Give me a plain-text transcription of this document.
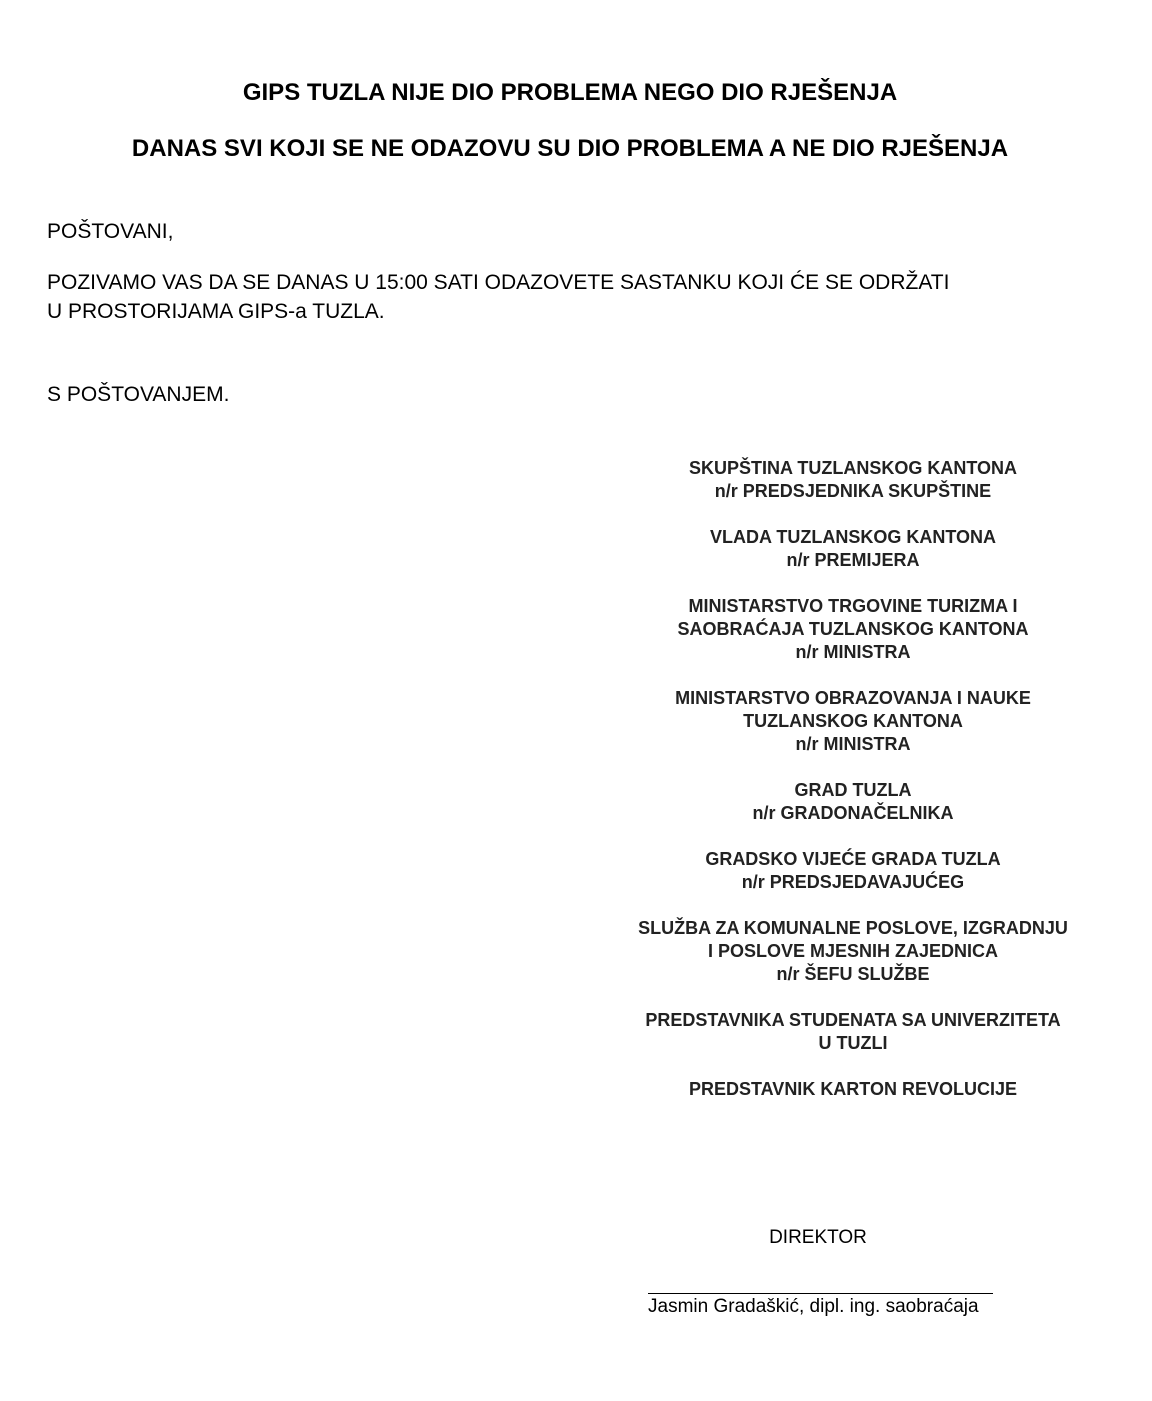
GIPS TUZLA NIJE DIO PROBLEMA NEGO DIO RJEŠENJA
DANAS SVI KOJI SE NE ODAZOVU SU DIO PROBLEMA A NE DIO RJEŠENJA

POŠTOVANI,

POZIVAMO VAS DA SE DANAS U 15:00 SATI ODAZOVETE SASTANKU KOJI ĆE SE ODRŽATI
U PROSTORIJAMA GIPS-a TUZLA.

S POŠTOVANJEM.

SKUPŠTINA TUZLANSKOG KANTONA
n/r PREDSJEDNIKA SKUPŠTINE
VLADA TUZLANSKOG KANTONA
n/r PREMIJERA
MINISTARSTVO TRGOVINE TURIZMA I
SAOBRAĆAJA TUZLANSKOG KANTONA
n/r MINISTRA
MINISTARSTVO OBRAZOVANJA I NAUKE
TUZLANSKOG KANTONA
n/r MINISTRA
GRAD TUZLA
n/r GRADONAČELNIKA
GRADSKO VIJEĆE GRADA TUZLA
n/r PREDSJEDAVAJUĆEG
SLUŽBA ZA KOMUNALNE POSLOVE, IZGRADNJU
I POSLOVE MJESNIH ZAJEDNICA
n/r ŠEFU SLUŽBE
PREDSTAVNIKA STUDENATA SA UNIVERZITETA
U TUZLI
PREDSTAVNIK KARTON REVOLUCIJE

DIREKTOR

Jasmin Gradaškić, dipl. ing. saobraćaja
